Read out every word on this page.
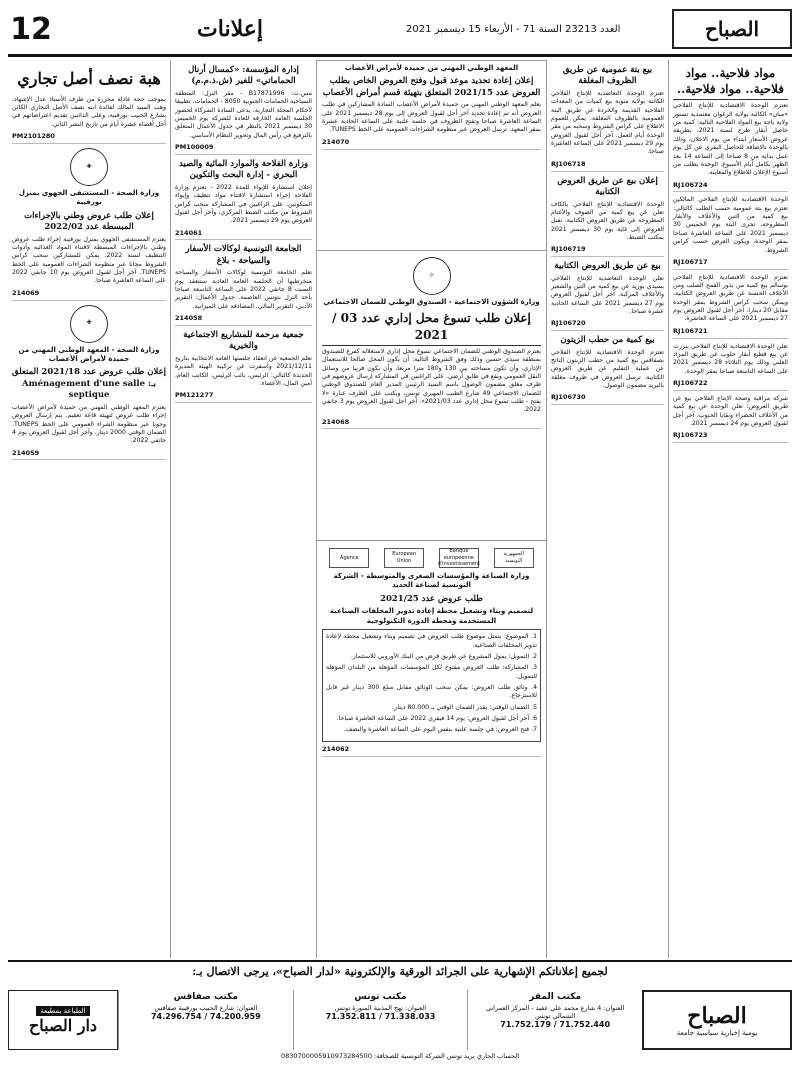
الصباح
العدد 23213 السنة 71 - الأربعاء 15 ديسمبر 2021
إعلانات
12
مواد فلاحية.. مواد فلاحية.. مواد فلاحية..
تعتزم الوحدة الاقتصادية للإنتاج الفلاحي «مبان» الكائنة بولاية الزغوان معتمدية تستور ولاية باجة بيع المواد الفلاحية التالية: كمية من حاصل أبقار طرح لسنة 2021، بطريقة عروض الأسعار ابتداء من يوم الاعلان، وذلك بالوحدة بالإضافة للحاصل البقري عن كل يوم عمل بداية من 8 صباحا إلى الساعة 14 بعد الظهر بكامل أيام الأسبوع. الوحدة بطلب من أسبوع الإعلان للاطلاع والمعاينة.
RJ106724
الوحدة الاقتصادية للإنتاج الفلاحي المالكين تعتزم بيع بتة عمومية حسب الطلب كالتالي: بيع كمية من التبن والأعلاف والأبقار المطروحة، تجرى البتة يوم الخميس 30 ديسمبر 2021 على الساعة العاشرة صباحا بمقر الوحدة، ويكون العرض حسب كراس الشروط.
RJ106717
تعتزم الوحدة الاقتصادية للإنتاج الفلاحي بوسالم بيع كمية من بذور القمح الصلب ومن الأعلاف الخشنة عن طريق العروض الكتابية، ويمكن سحب كراس الشروط بمقر الوحدة مقابل 20 دينارا. آخر أجل لقبول العروض يوم 27 ديسمبر 2021 على الساعة العاشرة.
RJ106721
تعلن الوحدة الاقتصادية للإنتاج الفلاحي بنزرت عن بيع قطيع أبقار حلوب عن طريق المزاد العلني وذلك يوم الثلاثاء 28 ديسمبر 2021 على الساعة التاسعة صباحا بمقر الوحدة.
RJ106722
شركة مراقبة وصحة الإنتاج الفلاحي بيع عن طريق العروض: تعلن الوحدة عن بيع كمية من الأعلاف الخضراء وبقايا الحبوب، آخر أجل لقبول العروض يوم 24 ديسمبر 2021.
RJ106723
بيع بتة عمومية عن طريق الظروف المغلقة
تعتزم الوحدة التعاضدية للإنتاج الفلاحي الكائنة بولاية منوبة بيع كميات من المعدات الفلاحية القديمة والخردة عن طريق البتة العمومية بالظروف المغلقة. يمكن للعموم الاطلاع على كراس الشروط وسحبه من مقر الوحدة أيام العمل. آخر أجل لقبول العروض يوم 29 ديسمبر 2021 على الساعة العاشرة صباحا.
RJ106718
إعلان بيع عن طريق العروض الكتابية
الوحدة الاقتصادية للإنتاج الفلاحي بالكاف تعلن عن بيع كمية من الصوف والأغنام المطروحة عن طريق العروض الكتابية. تقبل العروض إلى غاية يوم 30 ديسمبر 2021 بمكتب الضبط.
RJ106719
بيع عن طريق العروض الكتابية
تعلن الوحدة التعاضدية للإنتاج الفلاحي بسيدي بوزيد عن بيع كمية من التبن والشعير والأعلاف المركبة. آخر أجل لقبول العروض يوم 27 ديسمبر 2021 على الساعة الحادية عشرة صباحا.
RJ106720
بيع كمية من حطب الزيتون
تعتزم الوحدة الاقتصادية للإنتاج الفلاحي بصفاقس بيع كمية من حطب الزيتون الناتج عن عملية التقليم عن طريق العروض الكتابية. ترسل العروض في ظروف مغلقة بالبريد مضمون الوصول.
RJ106730
المعهد الوطني المهني من حميدة لأمراض الأعصاب
إعلان إعادة تحديد موعد قبول وفتح العروض الخاص بطلب العروض عدد 2021/15 المتعلق بتهيئة قسم أمراض الأعصاب
يعلم المعهد الوطني المهني من حميدة لأمراض الأعصاب السادة المشاركين في طلب العروض أنه تم إعادة تحديد آخر أجل لقبول العروض إلى يوم 28 ديسمبر 2021 على الساعة العاشرة صباحا وتفتح الظروف في جلسة علنية على الساعة الحادية عشرة بمقر المعهد. ترسل العروض عبر منظومة الشراءات العمومية على الخط TUNEPS.
214070
☼
وزارة الشؤون الاجتماعية - الصندوق الوطني للضمان الاجتماعي
إعلان طلب تسوغ محل إداري عدد 03 / 2021
يعتزم الصندوق الوطني للضمان الاجتماعي تسوغ محل إداري لاستغلاله كفرع للصندوق بمنطقة سيدي حسين وذلك وفق الشروط التالية: أن يكون المحل صالحا للاستعمال الإداري، وأن تكون مساحته بين 130 و180 مترا مربعا، وأن يكون قريبا من وسائل النقل العمومي ويقع في طابق أرضي. على الراغبين في المشاركة إرسال عروضهم في ظرف مغلق مضمون الوصول باسم السيد الرئيس المدير العام للصندوق الوطني للضمان الاجتماعي 49 شارع الطيب المهيري تونس، ويكتب على الظرف عبارة «لا يفتح - طلب تسوغ محل إداري عدد 2021/03». آخر أجل لقبول العروض يوم 3 جانفي 2022.
214068
الجمهورية التونسية
Banque européenne d'investissement
European Union
Agence
وزارة الصناعة والمؤسسات الصغرى والمتوسطة - الشركة التونسية لصناعة الحديد
طلب عروض عدد 2021/25
لتصميم وبناء وتشغيل محطة إعادة تدوير المخلفات الصناعية المستخدمة ومحطة الدورة التكنولوجية
1. الموضوع: يتمثل موضوع طلب العروض في تصميم وبناء وتشغيل محطة لإعادة تدوير المخلفات الصناعية.
2. التمويل: يمول المشروع عن طريق قرض من البنك الأوروبي للاستثمار.
3. المشاركة: طلب العروض مفتوح لكل المؤسسات المؤهلة من البلدان المؤهلة للتمويل.
4. وثائق طلب العروض: يمكن سحب الوثائق مقابل مبلغ 300 دينار غير قابل للاسترجاع.
5. الضمان الوقتي: يقدر الضمان الوقتي بـ 80.000 دينار.
6. آخر أجل لقبول العروض: يوم 14 فيفري 2022 على الساعة العاشرة صباحا.
7. فتح العروض: في جلسة علنية بنفس اليوم على الساعة العاشرة والنصف.
214062
إدارة المؤسسة: «كمسال أرنال الحماماتي» للفير (ش.ذ.م.م)
مس.ت: B17871996 - مقر النزل: المنطقة السياحية الحمامات الجنوبية 8050 - الحمامات. تطبيقا لأحكام المجلة التجارية، يدعى السادة الشركاء لحضور الجلسة العامة الخارقة للعادة للشركة يوم الخميس 30 ديسمبر 2021 بالنظر في جدول الأعمال المتعلق بالترفيع في رأس المال وتحوير النظام الأساسي.
PM100009
وزارة الفلاحة والموارد المائية والصيد البحري - إدارة البحث والتكوين
إعلان استشارة للإيواء للمدة 2022 - تعتزم وزارة الفلاحة إجراء استشارة لاقتناء مواد تنظيف وإيواء المتكونين. على الراغبين في المشاركة سحب كراس الشروط من مكتب الضبط المركزي، وآخر أجل لقبول العروض يوم 29 ديسمبر 2021.
214061
الجامعة التونسية لوكالات الأسفار والسياحة - بلاغ
تعلم الجامعة التونسية لوكالات الأسفار والسياحة منخرطيها أن الجلسة العامة العادية ستنعقد يوم السبت 8 جانفي 2022 على الساعة التاسعة صباحا بأحد النزل بتونس العاصمة. جدول الأعمال: التقرير الأدبي، التقرير المالي، المصادقة على الميزانية.
214058
جمعية مرحمة للمشاريع الاجتماعية والخيرية
تعلم الجمعية عن انعقاد جلستها العامة الانتخابية بتاريخ 2021/12/11 وأسفرت عن تركيبة الهيئة المديرة الجديدة كالتالي: الرئيس، نائب الرئيس، الكاتب العام، أمين المال، الأعضاء.
PM121277
هبة نصف أصل تجاري
بموجب حجة عادلة محررة من طرف الأستاذ عدل الإشهاد، وهب السيد المالك لفائدة ابنه نصف الأصل التجاري الكائن بشارع الحبيب بورقيبة، وعلى الدائنين تقديم اعتراضاتهم في أجل أقصاه عشرة أيام من تاريخ النشر الثاني.
PM2101280
✚
وزارة الصحة - المستشفى الجهوي بمنزل بورقيبة
إعلان طلب عروض وطني بالإجراءات المبسطة عدد 2022/02
يعتزم المستشفى الجهوي بمنزل بورقيبة إجراء طلب عروض وطني بالإجراءات المبسطة لاقتناء المواد الغذائية وأدوات التنظيف لسنة 2022. يمكن للمشاركين سحب كراس الشروط مجانا عبر منظومة الشراءات العمومية على الخط TUNEPS. آخر أجل لقبول العروض يوم 10 جانفي 2022 على الساعة العاشرة صباحا.
214069
✚
وزارة الصحة - المعهد الوطني المهني من حميدة لأمراض الأعصاب
إعلان طلب عروض عدد 2021/18 المتعلق بـ: Aménagement d'une salle septique
يعتزم المعهد الوطني المهني من حميدة لأمراض الأعصاب إجراء طلب عروض لتهيئة قاعة تعقيم. يتم إرسال العروض وجوبا عبر منظومة الشراء العمومي على الخط TUNEPS. الضمان الوقتي 2000 دينار، وآخر أجل لقبول العروض يوم 4 جانفي 2022.
214059
لجميع إعلاناتكم الإشهارية على الجرائد الورقية والإلكترونية «لدار الصباح»، يرجى الاتصال بـ:
الصباح
يومية إخبارية سياسية جامعة
مكتب المقر
العنوان: 4 شارع محمد علي عقيد - المركز العمراني الشمالي تونس
71.752.179 / 71.752.440
مكتب تونس
العنوان: نهج المدينة المنورة تونس
71.352.811 / 71.338.033
مكتب صفاقس
العنوان: شارع الحبيب بورقيبة صفاقس
74.296.754 / 74.200.959
الطباعة بمطبعة
دار الصباح
الحساب الجاري بريد تونس الشركة التونسية للصحافة: 0830700005910973284500
